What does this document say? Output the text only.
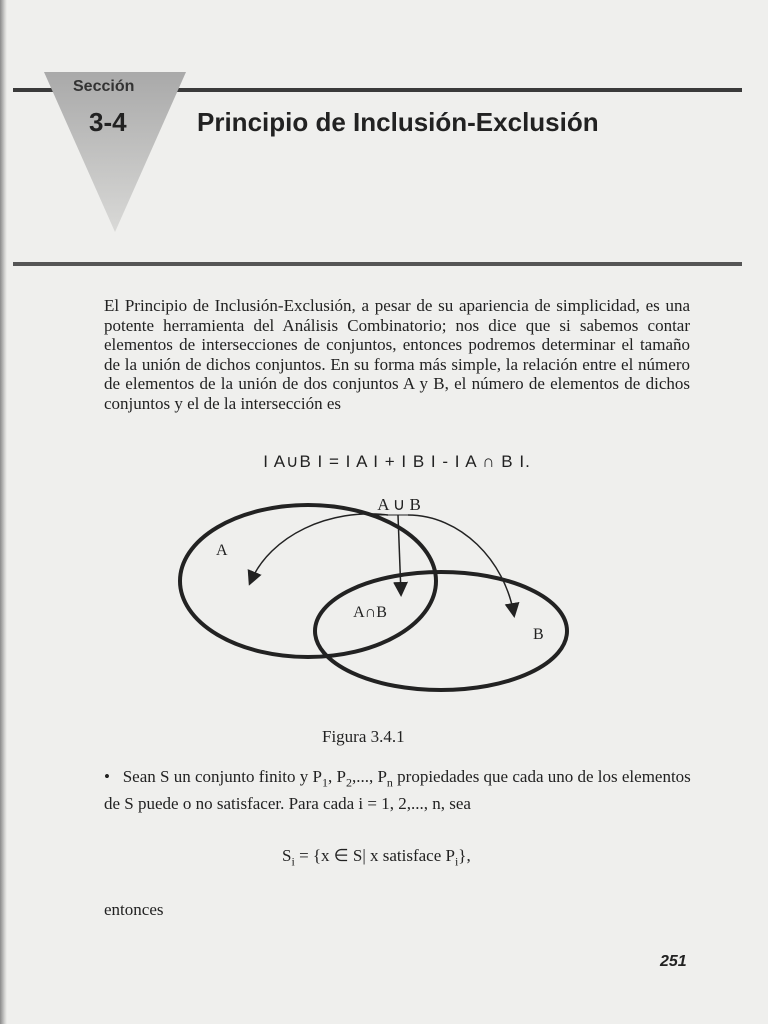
Sección
3-4	Principio de Inclusión-Exclusión
El Principio de Inclusión-Exclusión, a pesar de su apariencia de simplicidad, es una potente herramienta del Análisis Combinatorio; nos dice que si sabemos contar elementos de intersecciones de conjuntos, entonces podremos determinar el tamaño de la unión de dichos conjuntos. En su forma más simple, la relación entre el número de elementos de la unión de dos conjuntos A y B, el número de elementos de dichos conjuntos y el de la intersección es
I A∪B I = I A I + I B I - I A ∩ B I.
A ∪ B
A
B
A∩B
Figura 3.4.1
• Sean S un conjunto finito y $P_1$, $P_2$,..., $P_n$ propiedades que cada uno de los elementos de S puede o no satisfacer. Para cada i = 1, 2,..., n, sea
$S_i = \{x$ ∈ S| x satisface $P_i$},
entonces
251
